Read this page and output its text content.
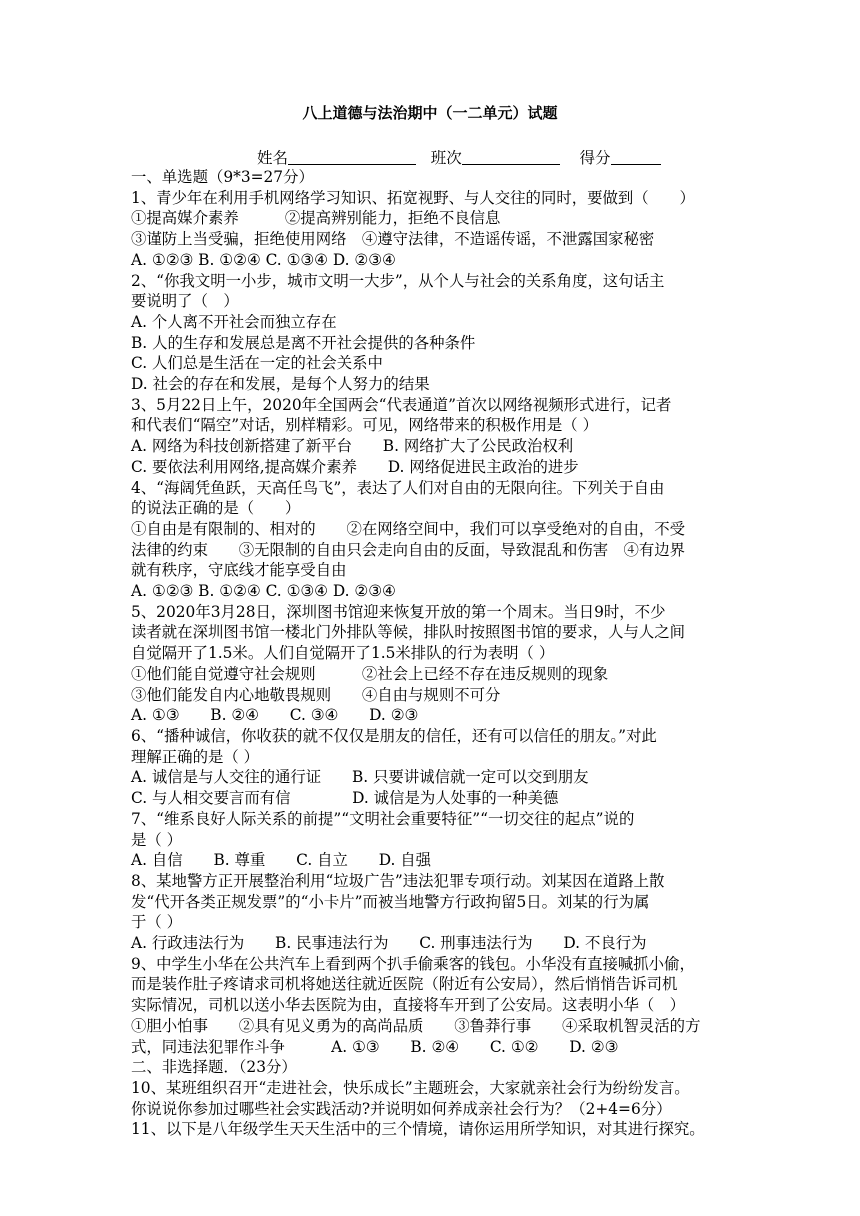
八上道德与法治期中（一二单元）试题
姓名	班次	得分
一、单选题（9*3=27分）
1、青少年在利用手机网络学习知识、拓宽视野、与人交往的同时，要做到（　　）
①提高媒介素养　　　②提高辨别能力，拒绝不良信息
③谨防上当受骗，拒绝使用网络　④遵守法律，不造谣传谣，不泄露国家秘密
A. ①②③ B. ①②④ C. ①③④ D. ②③④
2、“你我文明一小步，城市文明一大步”，从个人与社会的关系角度，这句话主
要说明了（　）
A. 个人离不开社会而独立存在
B. 人的生存和发展总是离不开社会提供的各种条件
C. 人们总是生活在一定的社会关系中
D. 社会的存在和发展，是每个人努力的结果
3、5月22日上午，2020年全国两会“代表通道”首次以网络视频形式进行，记者
和代表们“隔空”对话，别样精彩。可见，网络带来的积极作用是（ ）
A. 网络为科技创新搭建了新平台　　B. 网络扩大了公民政治权利
C. 要依法利用网络,提高媒介素养　　D. 网络促进民主政治的进步
4、“海阔凭鱼跃，天高任鸟飞”，表达了人们对自由的无限向往。下列关于自由
的说法正确的是（　　）
①自由是有限制的、相对的　　②在网络空间中，我们可以享受绝对的自由，不受
法律的约束　　③无限制的自由只会走向自由的反面，导致混乱和伤害　④有边界
就有秩序，守底线才能享受自由
A. ①②③ B. ①②④ C. ①③④ D. ②③④
5、2020年3月28日，深圳图书馆迎来恢复开放的第一个周末。当日9时，不少
读者就在深圳图书馆一楼北门外排队等候，排队时按照图书馆的要求，人与人之间
自觉隔开了1.5米。人们自觉隔开了1.5米排队的行为表明（ ）
①他们能自觉遵守社会规则　　　②社会上已经不存在违反规则的现象
③他们能发自内心地敬畏规则　　④自由与规则不可分
A. ①③　　B. ②④　　C. ③④　　D. ②③
6、“播种诚信，你收获的就不仅仅是朋友的信任，还有可以信任的朋友。”对此
理解正确的是（ ）
A. 诚信是与人交往的通行证　　B. 只要讲诚信就一定可以交到朋友
C. 与人相交要言而有信　　　　D. 诚信是为人处事的一种美德
7、“维系良好人际关系的前提”“文明社会重要特征”“一切交往的起点”说的
是（ ）
A. 自信　　B. 尊重　　C. 自立　　D. 自强
8、某地警方正开展整治利用“垃圾广告”违法犯罪专项行动。刘某因在道路上散
发“代开各类正规发票”的“小卡片”而被当地警方行政拘留5日。刘某的行为属
于（ ）
A. 行政违法行为　　B. 民事违法行为　　C. 刑事违法行为　　D. 不良行为
9、中学生小华在公共汽车上看到两个扒手偷乘客的钱包。小华没有直接喊抓小偷，
而是装作肚子疼请求司机将她送往就近医院（附近有公安局），然后悄悄告诉司机
实际情况，司机以送小华去医院为由，直接将车开到了公安局。这表明小华（　）
①胆小怕事　　②具有见义勇为的高尚品质　　③鲁莽行事　　④采取机智灵活的方
式，同违法犯罪作斗争　　　A. ①③　　B. ②④　　C. ①②　　D. ②③
二、非选择题．（23分）
10、某班组织召开“走进社会，快乐成长”主题班会，大家就亲社会行为纷纷发言。
你说说你参加过哪些社会实践活动?并说明如何养成亲社会行为？（2+4=6分）
11、以下是八年级学生天天生活中的三个情境，请你运用所学知识，对其进行探究。
